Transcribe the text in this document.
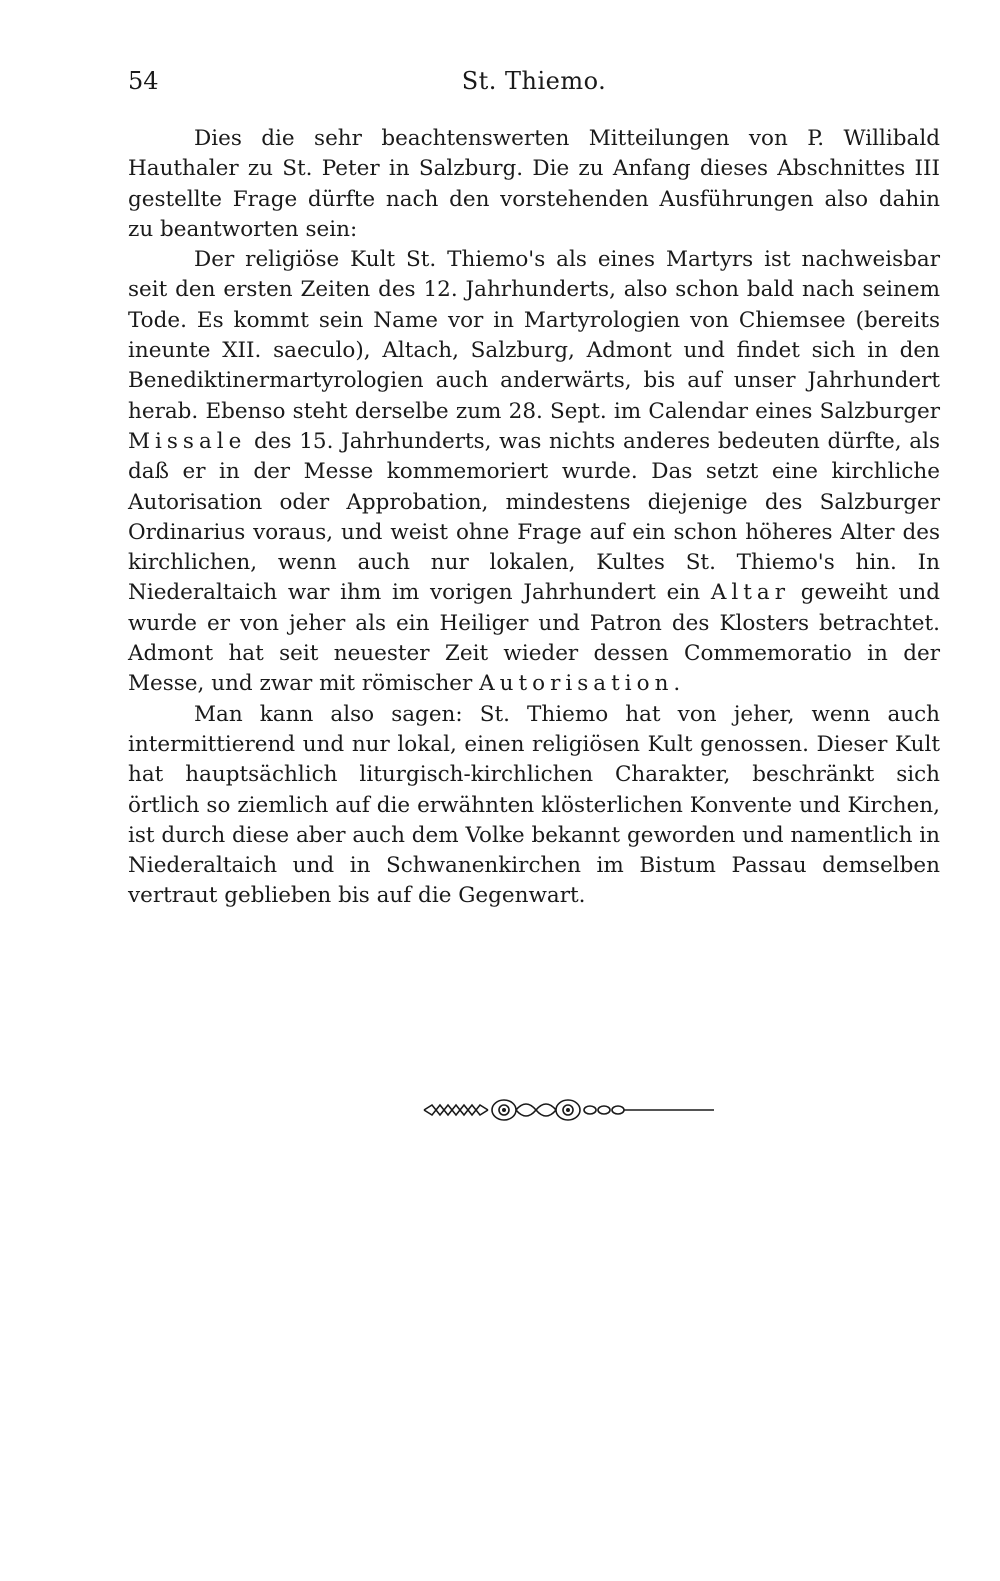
54	St. Thiemo.

Dies die sehr beachtenswerten Mitteilungen von P. Willibald Hauthaler zu St. Peter in Salzburg. Die zu Anfang dieses Abschnittes III gestellte Frage dürfte nach den vorstehenden Ausführungen also dahin zu beantworten sein:

Der religiöse Kult St. Thiemo's als eines Martyrs ist nachweisbar seit den ersten Zeiten des 12. Jahrhunderts, also schon bald nach seinem Tode. Es kommt sein Name vor in Martyrologien von Chiemsee (bereits ineunte XII. saeculo), Altach, Salzburg, Admont und findet sich in den Benediktinermartyrologien auch anderwärts, bis auf unser Jahrhundert herab. Ebenso steht derselbe zum 28. Sept. im Calendar eines Salzburger Missale des 15. Jahrhunderts, was nichts anderes bedeuten dürfte, als daß er in der Messe kommemoriert wurde. Das setzt eine kirchliche Autorisation oder Approbation, mindestens diejenige des Salzburger Ordinarius voraus, und weist ohne Frage auf ein schon höheres Alter des kirchlichen, wenn auch nur lokalen, Kultes St. Thiemo's hin. In Niederaltaich war ihm im vorigen Jahrhundert ein Altar geweiht und wurde er von jeher als ein Heiliger und Patron des Klosters betrachtet. Admont hat seit neuester Zeit wieder dessen Commemoratio in der Messe, und zwar mit römischer Autorisation.

Man kann also sagen: St. Thiemo hat von jeher, wenn auch intermittierend und nur lokal, einen religiösen Kult genossen. Dieser Kult hat hauptsächlich liturgisch-kirchlichen Charakter, beschränkt sich örtlich so ziemlich auf die erwähnten klösterlichen Konvente und Kirchen, ist durch diese aber auch dem Volke bekannt geworden und namentlich in Niederaltaich und in Schwanenkirchen im Bistum Passau demselben vertraut geblieben bis auf die Gegenwart.
